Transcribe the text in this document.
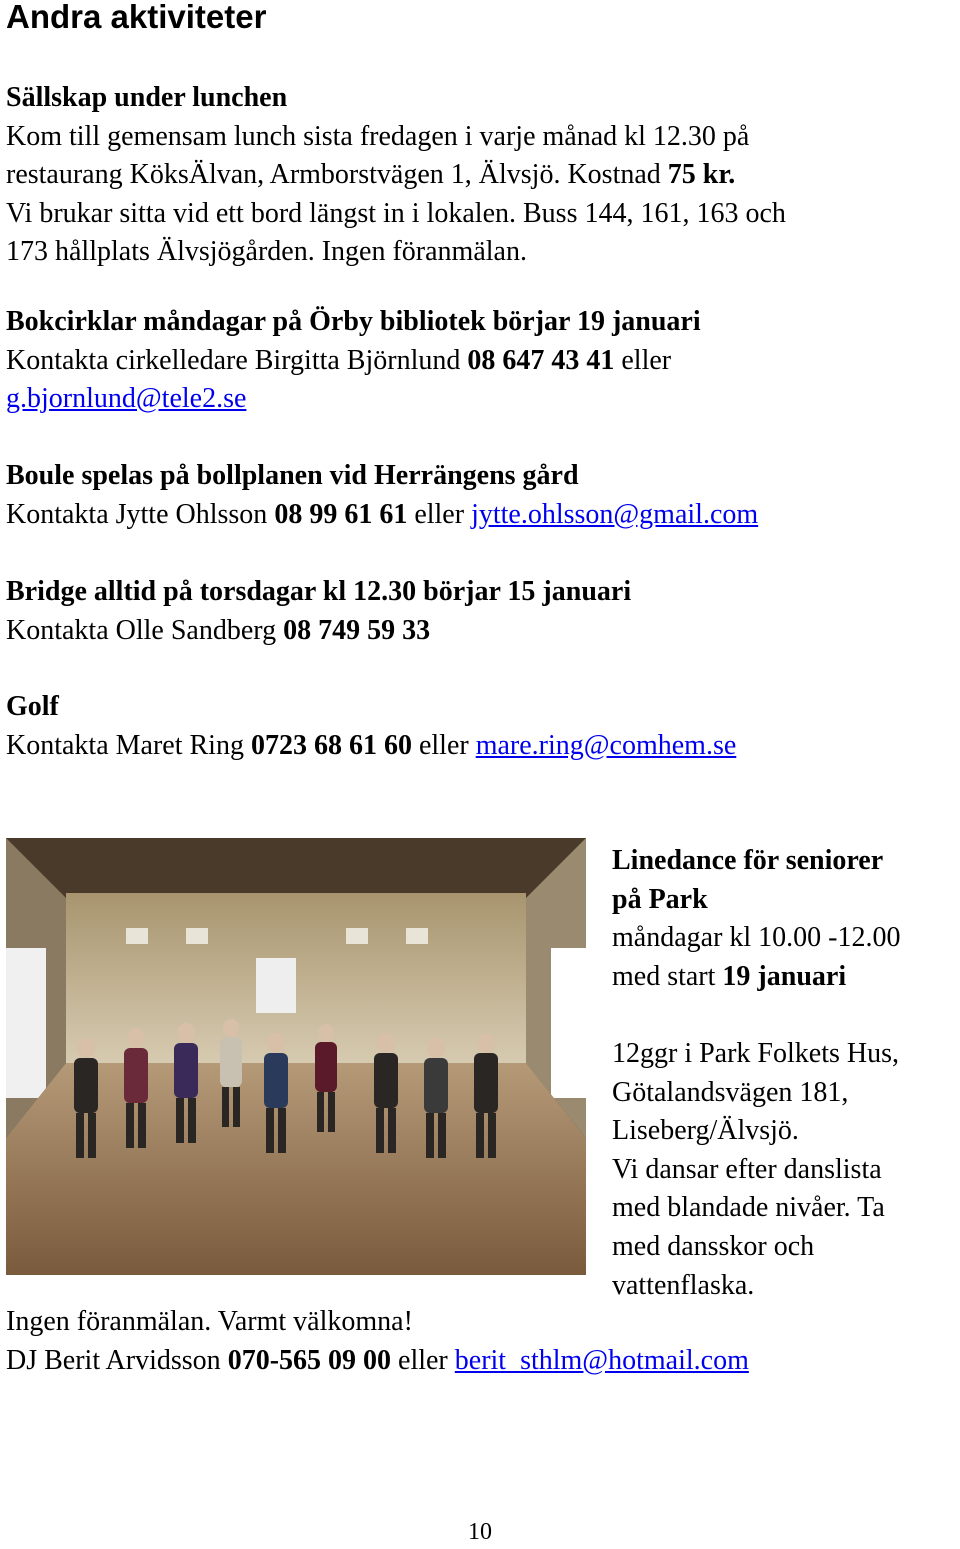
Andra aktiviteter

Sällskap under lunchen

Kom till gemensam lunch sista fredagen i varje månad kl 12.30 på

restaurang KöksÄlvan, Armborstvägen 1, Älvsjö. Kostnad 75 kr.

Vi brukar sitta vid ett bord längst in i lokalen. Buss 144, 161, 163 och

173 hållplats Älvsjögården. Ingen föranmälan.

Bokcirklar måndagar på Örby bibliotek börjar 19 januari

Kontakta cirkelledare Birgitta Björnlund 08 647 43 41 eller

g.bjornlund@tele2.se

Boule spelas på bollplanen vid Herrängens gård

Kontakta Jytte Ohlsson 08 99 61 61 eller jytte.ohlsson@gmail.com

Bridge alltid på torsdagar kl 12.30 börjar 15 januari

Kontakta Olle Sandberg 08 749 59 33

Golf

Kontakta Maret Ring 0723 68 61 60 eller mare.ring@comhem.se

Linedance för seniorer

på Park

måndagar kl 10.00 -12.00

med start 19 januari

12ggr i Park Folkets Hus,

Götalandsvägen 181,

Liseberg/Älvsjö.

Vi dansar efter danslista

med blandade nivåer. Ta

med dansskor och

vattenflaska.

Ingen föranmälan. Varmt välkomna!

DJ Berit Arvidsson 070-565 09 00 eller berit_sthlm@hotmail.com

10
